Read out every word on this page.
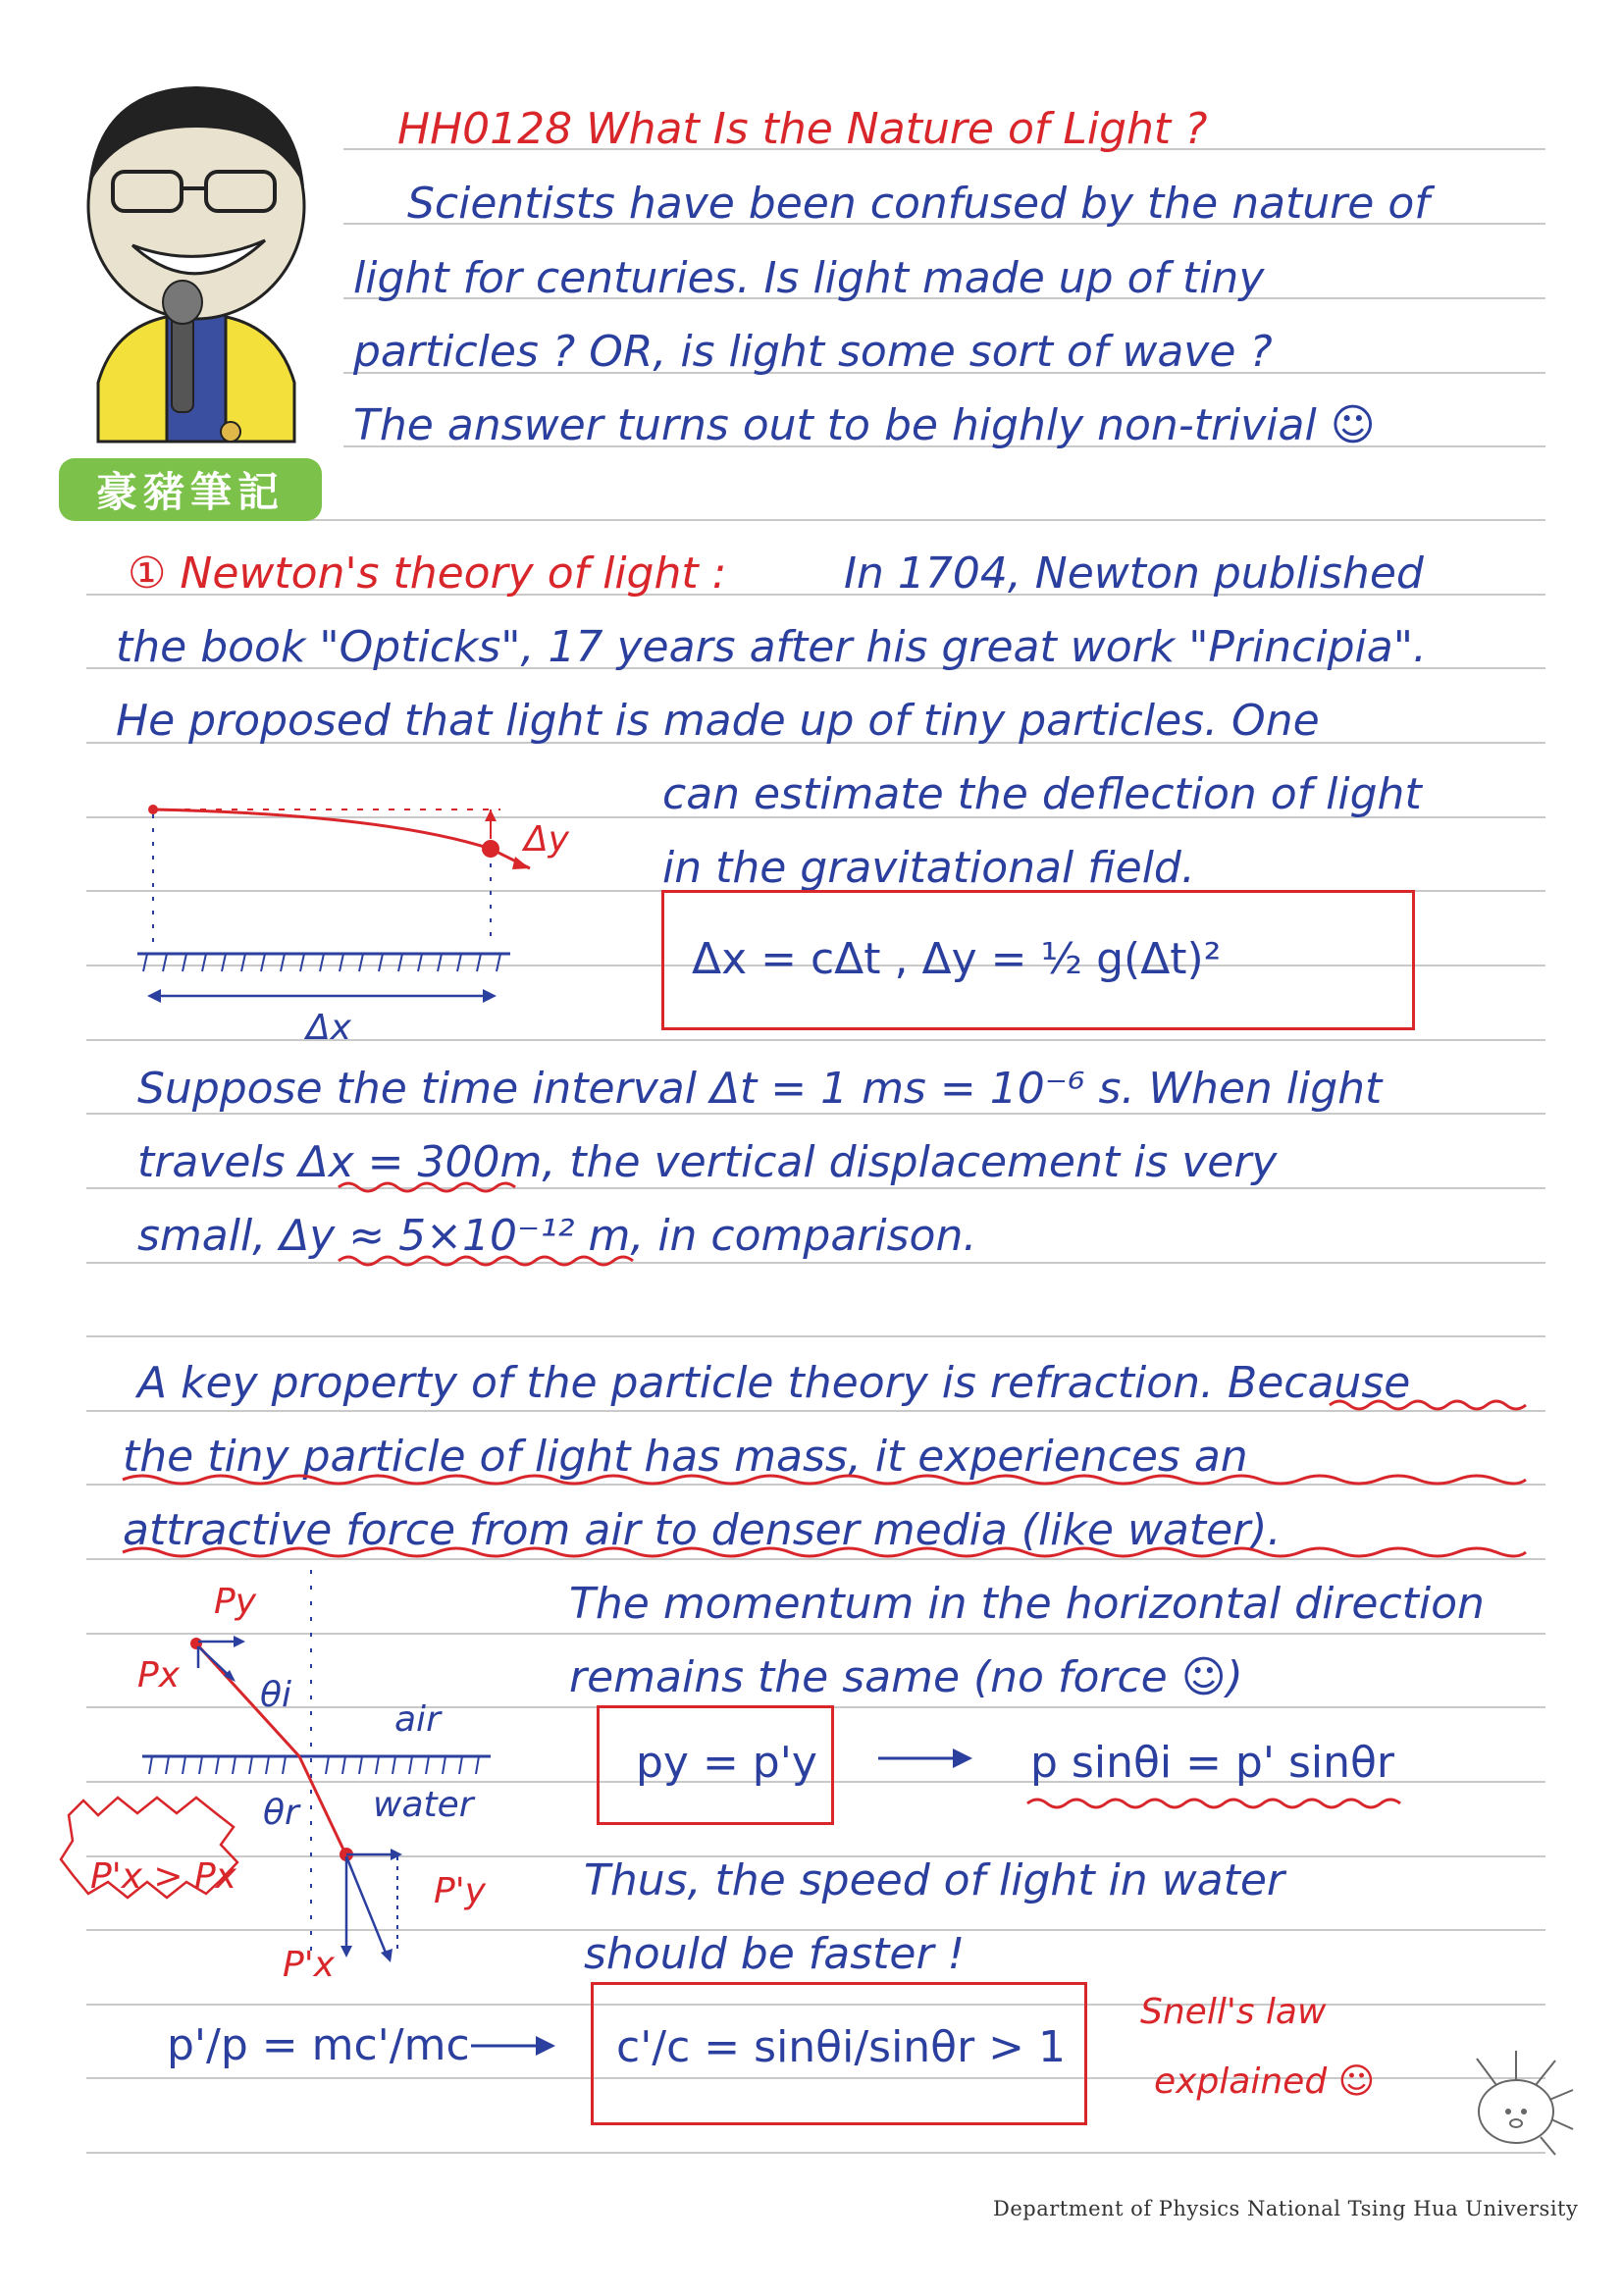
豪豬筆記
HH0128 What Is the Nature of Light ?
Scientists have been confused by the nature of
light for centuries. Is light made up of tiny
particles ? OR, is light some sort of wave ?
The answer turns out to be highly non-trivial ☺
① Newton's theory of light :	In 1704, Newton published
the book "Opticks", 17 years after his great work "Principia".
He proposed that light is made up of tiny particles. One
can estimate the deflection of light
in the gravitational field.
Δy
Δx
Δx = cΔt , Δy = ½ g(Δt)²
Suppose the time interval Δt = 1 ms = 10⁻⁶ s. When light
travels Δx = 300m, the vertical displacement is very
small, Δy ≈ 5×10⁻¹² m, in comparison.
A key property of the particle theory is refraction. Because
the tiny particle of light has mass, it experiences an
attractive force from air to denser media (like water).
Py
Px θi
air
water
θr
P'x > Px	P'y
P'x
The momentum in the horizontal direction
remains the same (no force ☺)
py = p'y	p sinθi = p' sinθr
Thus, the speed of light in water
should be faster !
p'/p = mc'/mc	c'/c = sinθi/sinθr > 1
Snell's law
explained ☺
Department of Physics National Tsing Hua University
